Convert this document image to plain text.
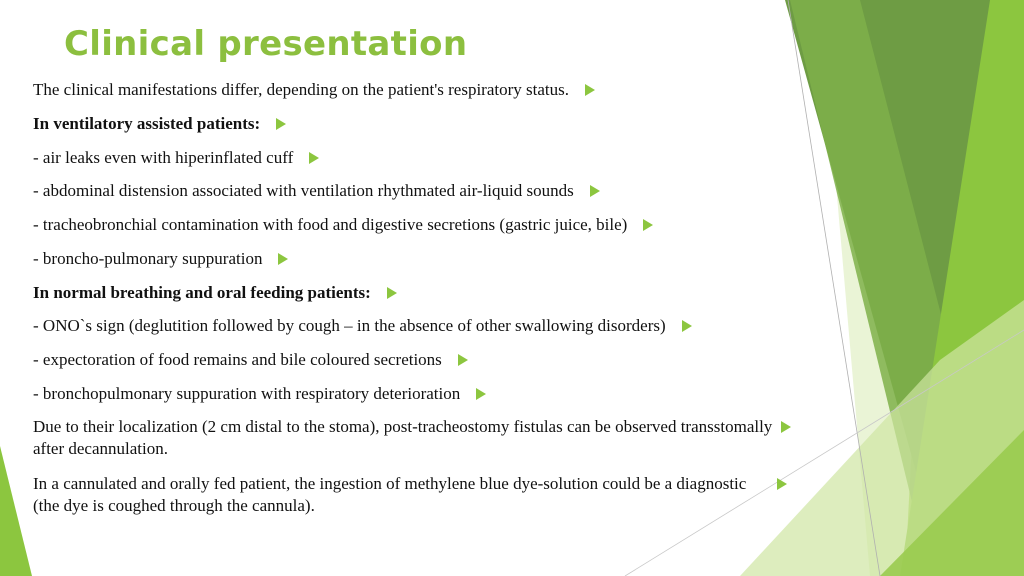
Clinical presentation
The clinical manifestations differ, depending on the patient's respiratory status.
In ventilatory assisted patients:
- air leaks even with hiperinflated cuff
- abdominal distension associated with ventilation rhythmated air-liquid sounds
- tracheobronchial contamination with food and digestive secretions (gastric juice, bile)
- broncho-pulmonary suppuration
In normal breathing and oral feeding patients:
- ONO`s sign (deglutition followed by cough – in the absence of other swallowing disorders)
- expectoration of food remains and bile coloured secretions
- bronchopulmonary suppuration with respiratory deterioration
Due to their localization (2 cm distal to the stoma), post-tracheostomy fistulas can be observed transstomally after decannulation.
In a cannulated and orally fed patient, the ingestion of methylene blue dye-solution could be a diagnostic (the dye is coughed through the cannula).
